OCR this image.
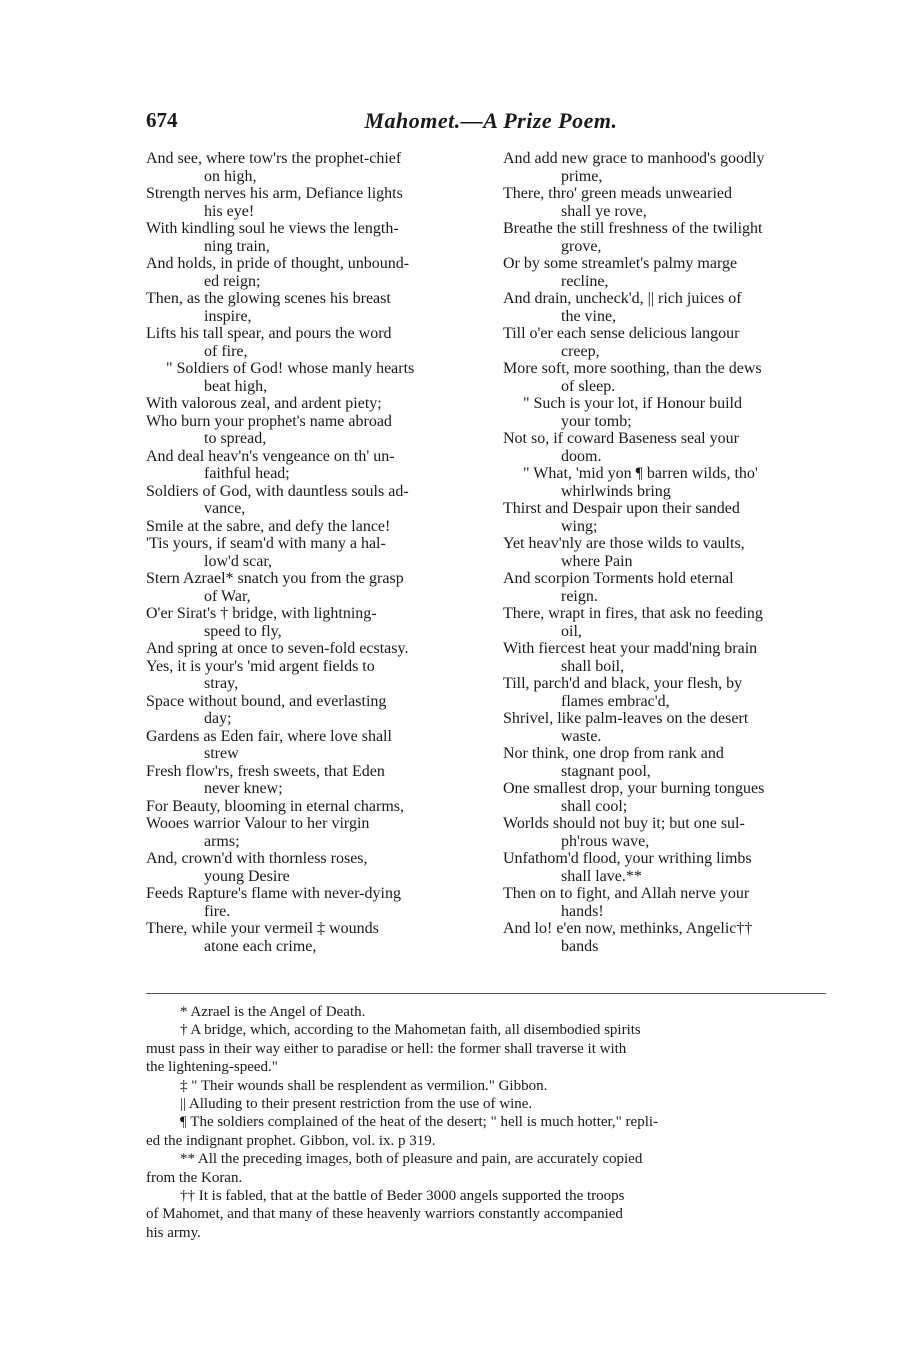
674	Mahomet.—A Prize Poem.
And see, where tow'rs the prophet-chief
on high,
Strength nerves his arm, Defiance lights
his eye!
With kindling soul he views the length-
ning train,
And holds, in pride of thought, unbound-
ed reign;
Then, as the glowing scenes his breast
inspire,
Lifts his tall spear, and pours the word
of fire,
" Soldiers of God! whose manly hearts
beat high,
With valorous zeal, and ardent piety;
Who burn your prophet's name abroad
to spread,
And deal heav'n's vengeance on th' un-
faithful head;
Soldiers of God, with dauntless souls ad-
vance,
Smile at the sabre, and defy the lance!
'Tis yours, if seam'd with many a hal-
low'd scar,
Stern Azrael* snatch you from the grasp
of War,
O'er Sirat's † bridge, with lightning-
speed to fly,
And spring at once to seven-fold ecstasy.
Yes, it is your's 'mid argent fields to
stray,
Space without bound, and everlasting
day;
Gardens as Eden fair, where love shall
strew
Fresh flow'rs, fresh sweets, that Eden
never knew;
For Beauty, blooming in eternal charms,
Wooes warrior Valour to her virgin
arms;
And, crown'd with thornless roses,
young Desire
Feeds Rapture's flame with never-dying
fire.
There, while your vermeil ‡ wounds
atone each crime,
And add new grace to manhood's goodly
prime,
There, thro' green meads unwearied
shall ye rove,
Breathe the still freshness of the twilight
grove,
Or by some streamlet's palmy marge
recline,
And drain, uncheck'd, || rich juices of
the vine,
Till o'er each sense delicious langour
creep,
More soft, more soothing, than the dews
of sleep.
" Such is your lot, if Honour build
your tomb;
Not so, if coward Baseness seal your
doom.
" What, 'mid yon ¶ barren wilds, tho'
whirlwinds bring
Thirst and Despair upon their sanded
wing;
Yet heav'nly are those wilds to vaults,
where Pain
And scorpion Torments hold eternal
reign.
There, wrapt in fires, that ask no feeding
oil,
With fiercest heat your madd'ning brain
shall boil,
Till, parch'd and black, your flesh, by
flames embrac'd,
Shrivel, like palm-leaves on the desert
waste.
Nor think, one drop from rank and
stagnant pool,
One smallest drop, your burning tongues
shall cool;
Worlds should not buy it; but one sul-
ph'rous wave,
Unfathom'd flood, your writhing limbs
shall lave.**
Then on to fight, and Allah nerve your
hands!
And lo! e'en now, methinks, Angelic††
bands
* Azrael is the Angel of Death.
† A bridge, which, according to the Mahometan faith, all disembodied spirits
must pass in their way either to paradise or hell: the former shall traverse it with
the lightening-speed."
‡ " Their wounds shall be resplendent as vermilion." Gibbon.
|| Alluding to their present restriction from the use of wine.
¶ The soldiers complained of the heat of the desert; " hell is much hotter," repli-
ed the indignant prophet. Gibbon, vol. ix. p 319.
** All the preceding images, both of pleasure and pain, are accurately copied
from the Koran.
†† It is fabled, that at the battle of Beder 3000 angels supported the troops
of Mahomet, and that many of these heavenly warriors constantly accompanied
his army.
